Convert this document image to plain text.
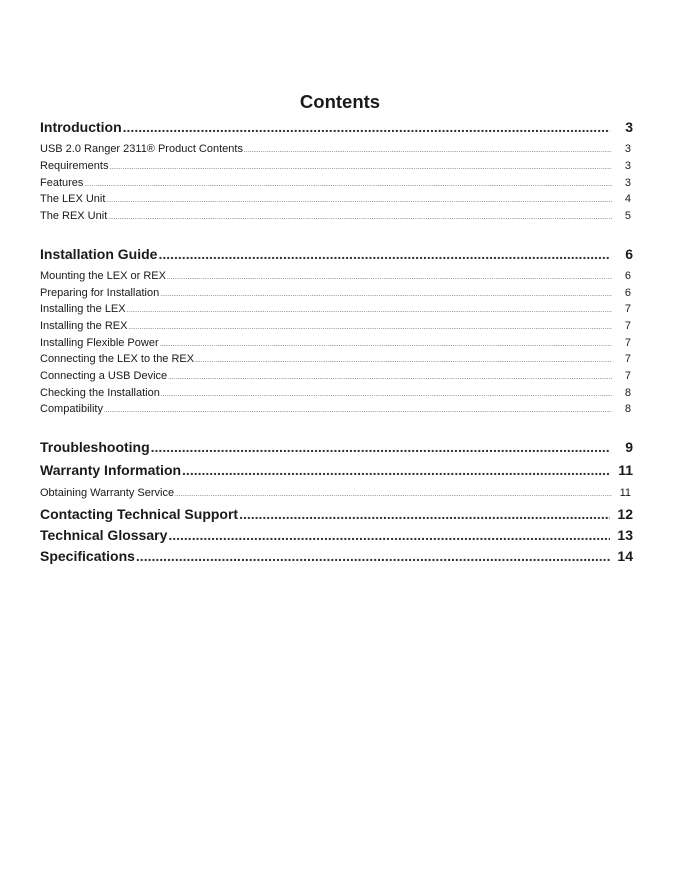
Contents
Introduction .....	3
USB 2.0 Ranger 2311® Product Contents .....	3
Requirements .....	3
Features .....	3
The LEX Unit .....	4
The REX Unit .....	5
Installation Guide .....	6
Mounting the LEX or REX .....	6
Preparing for Installation .....	6
Installing the LEX .....	7
Installing the REX .....	7
Installing Flexible Power .....	7
Connecting the LEX to the REX .....	7
Connecting a USB Device .....	7
Checking the Installation .....	8
Compatibility .....	8
Troubleshooting .....	9
Warranty Information .....	11
Obtaining Warranty Service .....	11
Contacting Technical Support .....	12
Technical Glossary .....	13
Specifications .....	14
